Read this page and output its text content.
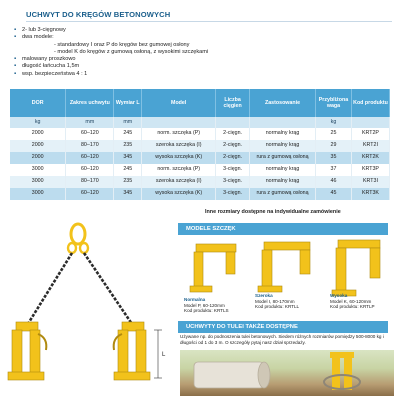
UCHWYT DO KRĘGÓW BETONOWYCH
▪ 2- lub 3-cięgnowy
▪ dwa modele:
- standardowy I oraz P do kręgów bez gumowej osłony
- model K do kręgów z gumową osłoną, z wysokimi szczękami
▪ malowany proszkowo
▪ długość łańcucha 1,5m
▪ wsp. bezpieczeństwa 4 : 1
DOR	Zakres uchwytu	Wymiar L	Model	Liczba cięgien	Zastosowanie	Przybliżona waga	Kod produktu
kg	mm	mm				kg	
2000	60–120	245	norm. szczęka (P)	2-cięgn.	normalny krąg	25	KRT2P
2000	80–170	235	szeroka szczęka (I)	2-cięgn.	normalny krąg	29	KRT2I
2000	60–120	345	wysoka szczęka (K)	2-cięgn.	rura z gumową osłoną	35	KRT2K
3000	60–120	245	norm. szczęka (P)	3-cięgn.	normalny krąg	37	KRT3P
3000	80–170	235	szeroka szczęka (I)	3-cięgn.	normalny krąg	46	KRT3I
3000	60–120	345	wysoka szczęka (K)	3-cięgn.	rura z gumową osłoną	45	KRT3K
Inne rozmiary dostępne na indywidualne zamówienie
L
MODELE SZCZĘK
Normalna
Model P, 60-120mm
Kod produktu: KRTLS
Szeroka
Model I, 80-170mm
Kod produktu: KRTLL
Wysoka
Model K, 60-120mm
Kod produktu: KRTLP
UCHWYTY DO TULEI TAKŻE DOSTĘPNE
Używane np. do podnoszenia tulei betonowych. Siedem różnych rozmiarów pomiędzy 500-8000 kg i długości od 1 do 3 m. O szczegóły pytaj nasz dział sprzedaży.
